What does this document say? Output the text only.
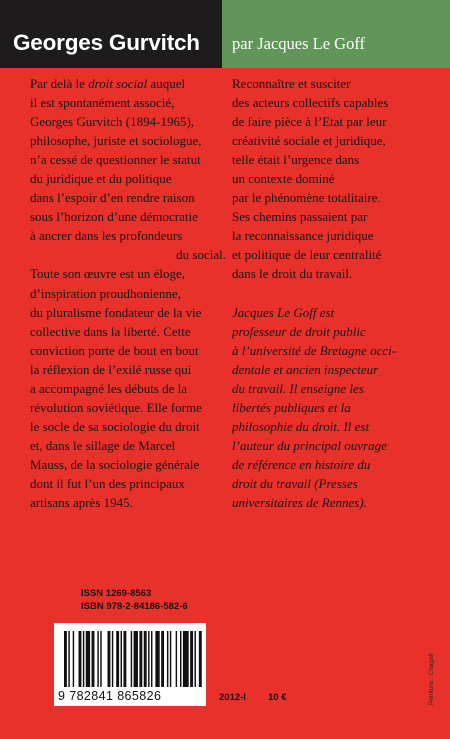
Georges Gurvitch par Jacques Le Goff
Par delà le droit social auquel
il est spontanément associé,
Georges Gurvitch (1894-1965),
philosophe, juriste et sociologue,
n’a cessé de questionner le statut
du juridique et du politique
dans l’espoir d’en rendre raison
sous l’horizon d’une démocratie
à ancrer dans les profondeurs
du social.
Toute son œuvre est un éloge,
d’inspiration proudhonienne,
du pluralisme fondateur de la vie
collective dans la liberté. Cette
conviction porte de bout en bout
la réflexion de l’exilé russe qui
a accompagné les débuts de la
révolution soviétique. Elle forme
le socle de sa sociologie du droit
et, dans le sillage de Marcel
Mauss, de la sociologie générale
dont il fut l’un des principaux
artisans après 1945.
Reconnaître et susciter
des acteurs collectifs capables
de faire pièce à l’Etat par leur
créativité sociale et juridique,
telle était l’urgence dans
un contexte dominé
par le phénomène totalitaire.
Ses chemins passaient par
la reconnaissance juridique
et politique de leur centralité
dans le droit du travail.
Jacques Le Goff est
professeur de droit public
à l’université de Bretagne occi-
dentale et ancien inspecteur
du travail. Il enseigne les
libertés publiques et la
philosophie du droit. Il est
l’auteur du principal ouvrage
de référence en histoire du
droit du travail (Presses
universitaires de Rennes).
ISSN 1269-8563
ISBN 978-2-84186-582-6
9 782841 865826	2012-I 10 €	Peinture : Chagall
